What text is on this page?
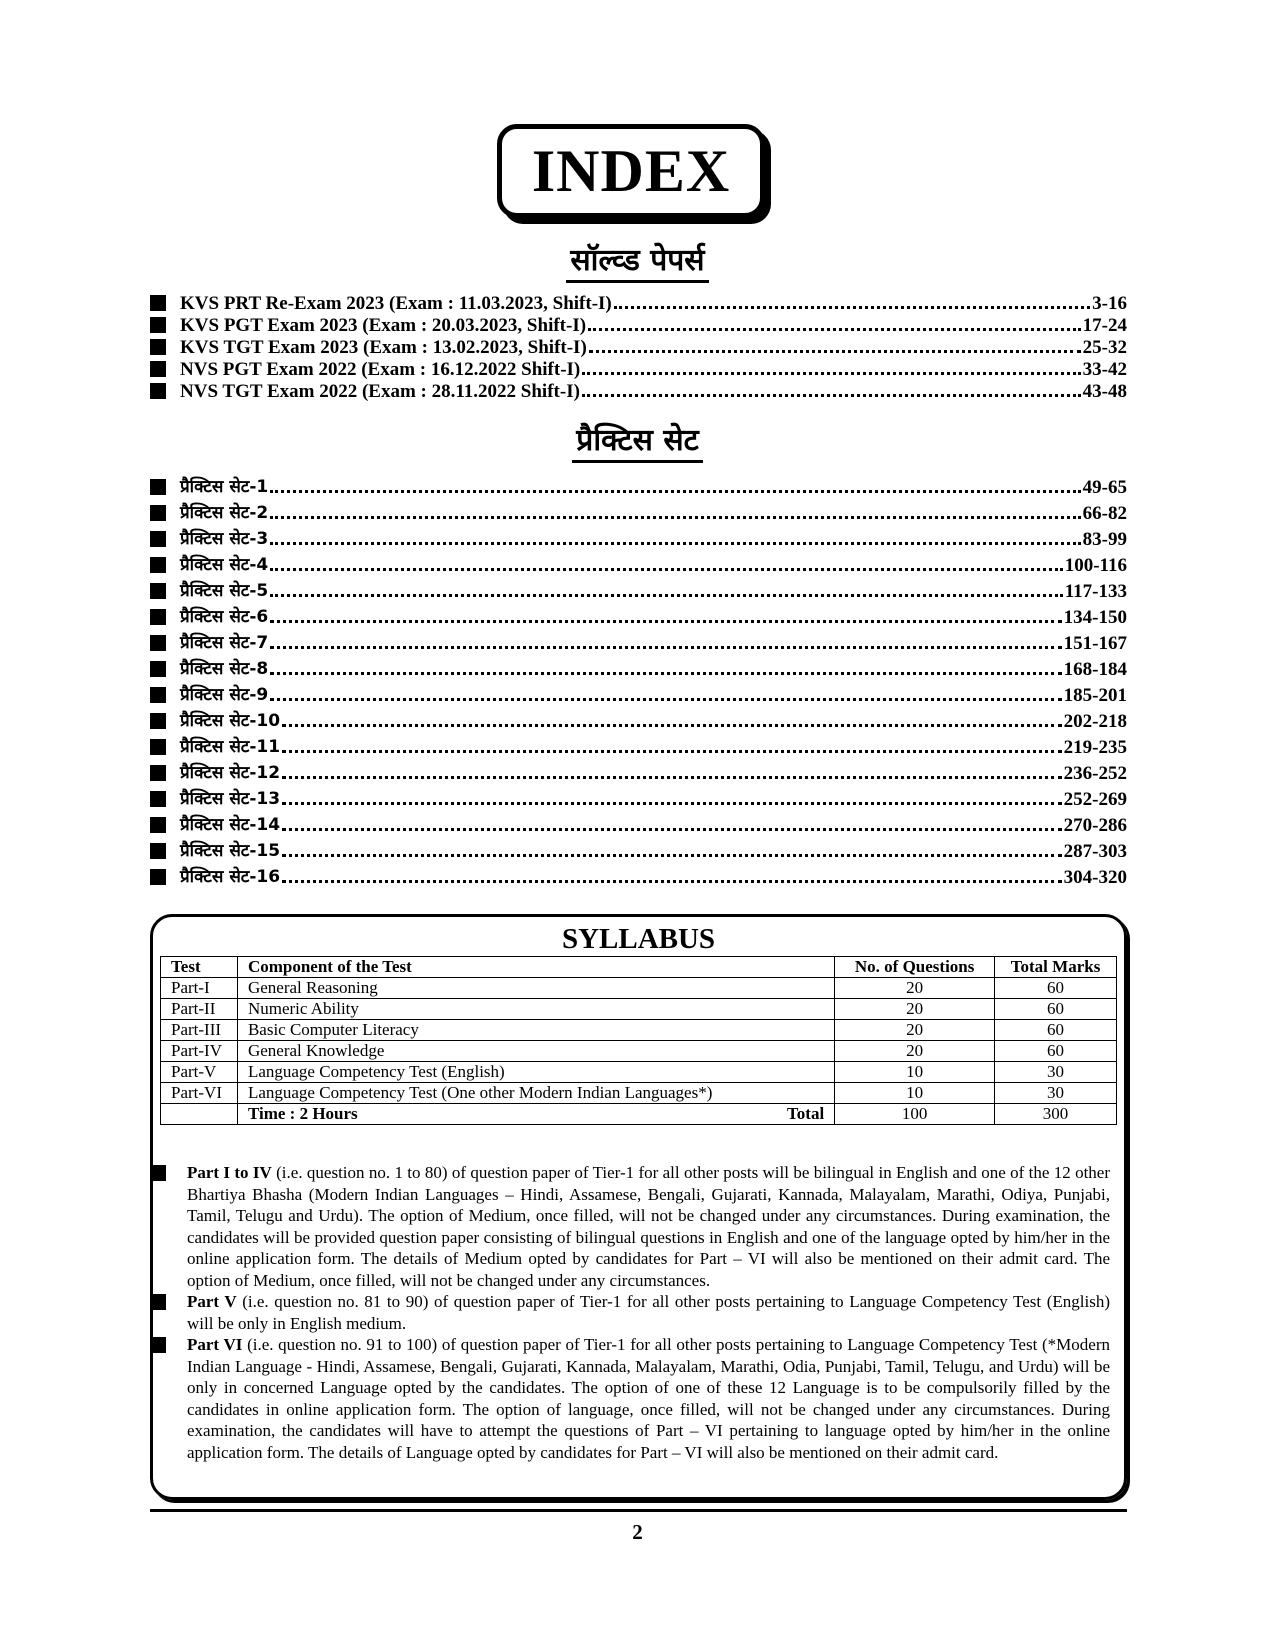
INDEX
सॉल्व्ड पेपर्स
KVS PRT Re-Exam 2023 (Exam : 11.03.2023, Shift-I)	3-16
KVS PGT Exam 2023 (Exam : 20.03.2023, Shift-I)	17-24
KVS TGT Exam 2023 (Exam : 13.02.2023, Shift-I)	25-32
NVS PGT Exam 2022 (Exam : 16.12.2022 Shift-I)	33-42
NVS TGT Exam 2022 (Exam : 28.11.2022 Shift-I)	43-48
प्रैक्टिस सेट
प्रैक्टिस सेट-1	49-65
प्रैक्टिस सेट-2	66-82
प्रैक्टिस सेट-3	83-99
प्रैक्टिस सेट-4	100-116
प्रैक्टिस सेट-5	117-133
प्रैक्टिस सेट-6	134-150
प्रैक्टिस सेट-7	151-167
प्रैक्टिस सेट-8	168-184
प्रैक्टिस सेट-9	185-201
प्रैक्टिस सेट-10	202-218
प्रैक्टिस सेट-11	219-235
प्रैक्टिस सेट-12	236-252
प्रैक्टिस सेट-13	252-269
प्रैक्टिस सेट-14	270-286
प्रैक्टिस सेट-15	287-303
प्रैक्टिस सेट-16	304-320
SYLLABUS
Test	Component of the Test	No. of Questions	Total Marks
Part-I	General Reasoning	20	60
Part-II	Numeric Ability	20	60
Part-III	Basic Computer Literacy	20	60
Part-IV	General Knowledge	20	60
Part-V	Language Competency Test (English)	10	30
Part-VI	Language Competency Test (One other Modern Indian Languages*)	10	30

	Time : 2 Hours Total	100	300
Part I to IV (i.e. question no. 1 to 80) of question paper of Tier-1 for all other posts will be bilingual in English and one of the 12 other Bhartiya Bhasha (Modern Indian Languages – Hindi, Assamese, Bengali, Gujarati, Kannada, Malayalam, Marathi, Odiya, Punjabi, Tamil, Telugu and Urdu). The option of Medium, once filled, will not be changed under any circumstances. During examination, the candidates will be provided question paper consisting of bilingual questions in English and one of the language opted by him/her in the online application form. The details of Medium opted by candidates for Part – VI will also be mentioned on their admit card. The option of Medium, once filled, will not be changed under any circumstances.
Part V (i.e. question no. 81 to 90) of question paper of Tier-1 for all other posts pertaining to Language Competency Test (English) will be only in English medium.
Part VI (i.e. question no. 91 to 100) of question paper of Tier-1 for all other posts pertaining to Language Competency Test (*Modern Indian Language - Hindi, Assamese, Bengali, Gujarati, Kannada, Malayalam, Marathi, Odia, Punjabi, Tamil, Telugu, and Urdu) will be only in concerned Language opted by the candidates. The option of one of these 12 Language is to be compulsorily filled by the candidates in online application form. The option of language, once filled, will not be changed under any circumstances. During examination, the candidates will have to attempt the questions of Part – VI pertaining to language opted by him/her in the online application form. The details of Language opted by candidates for Part – VI will also be mentioned on their admit card.
2
